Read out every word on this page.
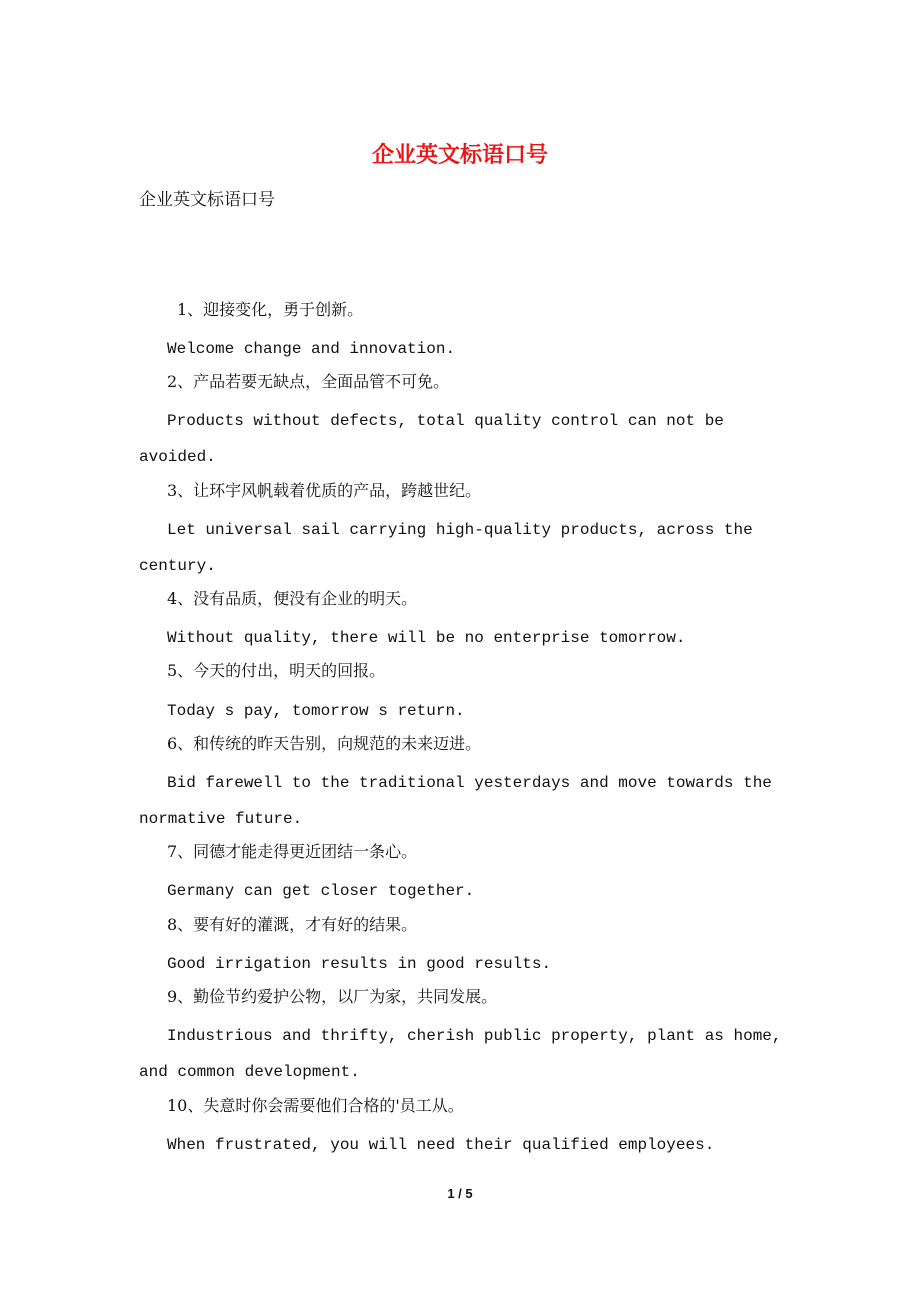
企业英文标语口号
企业英文标语口号
1、迎接变化，勇于创新。
Welcome change and innovation.
2、产品若要无缺点，全面品管不可免。
Products without defects, total quality control can not be
avoided.
3、让环宇风帆载着优质的产品，跨越世纪。
Let universal sail carrying high-quality products, across the
century.
4、没有品质，便没有企业的明天。
Without quality, there will be no enterprise tomorrow.
5、今天的付出，明天的回报。
Today s pay, tomorrow s return.
6、和传统的昨天告别，向规范的未来迈进。
Bid farewell to the traditional yesterdays and move towards the
normative future.
7、同德才能走得更近团结一条心。
Germany can get closer together.
8、要有好的灌溉，才有好的结果。
Good irrigation results in good results.
9、勤俭节约爱护公物，以厂为家，共同发展。
Industrious and thrifty, cherish public property, plant as home,
and common development.
10、失意时你会需要他们合格的'员工从。
When frustrated, you will need their qualified employees.
1 / 5
